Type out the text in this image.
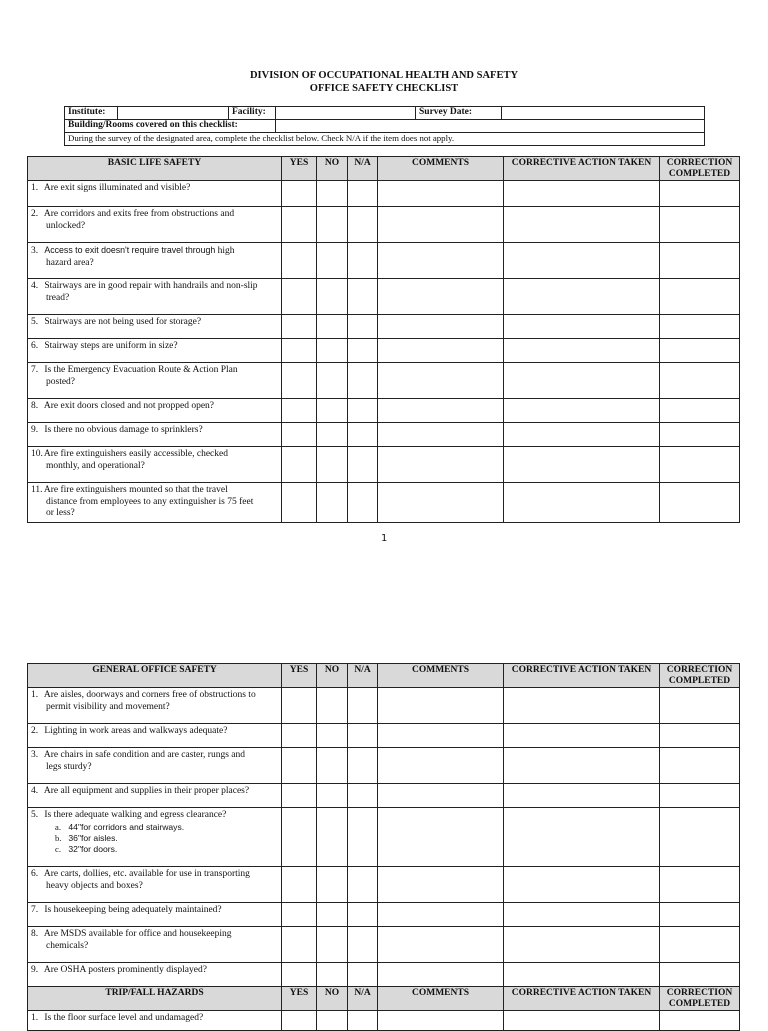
DIVISION OF OCCUPATIONAL HEALTH AND SAFETY
OFFICE SAFETY CHECKLIST
Institute:		Facility:		Survey Date:	
Building/Rooms covered on this checklist:					
During the survey of the designated area, complete the checklist below. Check N/A if the item does not apply.					
BASIC LIFE SAFETY	YES	NO	N/A	COMMENTS	CORRECTIVE ACTION TAKEN	CORRECTION
COMPLETED
1. Are exit signs illuminated and visible?						
2. Are corridors and exits free from obstructions and
unlocked?						

3. Access to exit doesn't require travel through high
hazard area?						

4. Stairways are in good repair with handrails and non-slip
tread?						

5. Stairways are not being used for storage?						
6. Stairway steps are uniform in size?						
7. Is the Emergency Evacuation Route & Action Plan
posted?						

8. Are exit doors closed and not propped open?						
9. Is there no obvious damage to sprinklers?						
10. Are fire extinguishers easily accessible, checked
monthly, and operational?						

11. Are fire extinguishers mounted so that the travel
distance from employees to any extinguisher is 75 feet
or less?						

1
GENERAL OFFICE SAFETY	YES	NO	N/A	COMMENTS	CORRECTIVE ACTION TAKEN	CORRECTION
COMPLETED
1. Are aisles, doorways and corners free of obstructions to
permit visibility and movement?						

2. Lighting in work areas and walkways adequate?						
3. Are chairs in safe condition and are caster, rungs and
legs sturdy?						

4. Are all equipment and supplies in their proper places?						
5. Is there adequate walking and egress clearance?
a. 44"for corridors and stairways.
b. 36"for aisles.
c. 32"for doors.						

6. Are carts, dollies, etc. available for use in transporting
heavy objects and boxes?						

7. Is housekeeping being adequately maintained?						
8. Are MSDS available for office and housekeeping
chemicals?						

9. Are OSHA posters prominently displayed?						
TRIP/FALL HAZARDS	YES	NO	N/A	COMMENTS	CORRECTIVE ACTION TAKEN	CORRECTION
COMPLETED
1. Is the floor surface level and undamaged?						
